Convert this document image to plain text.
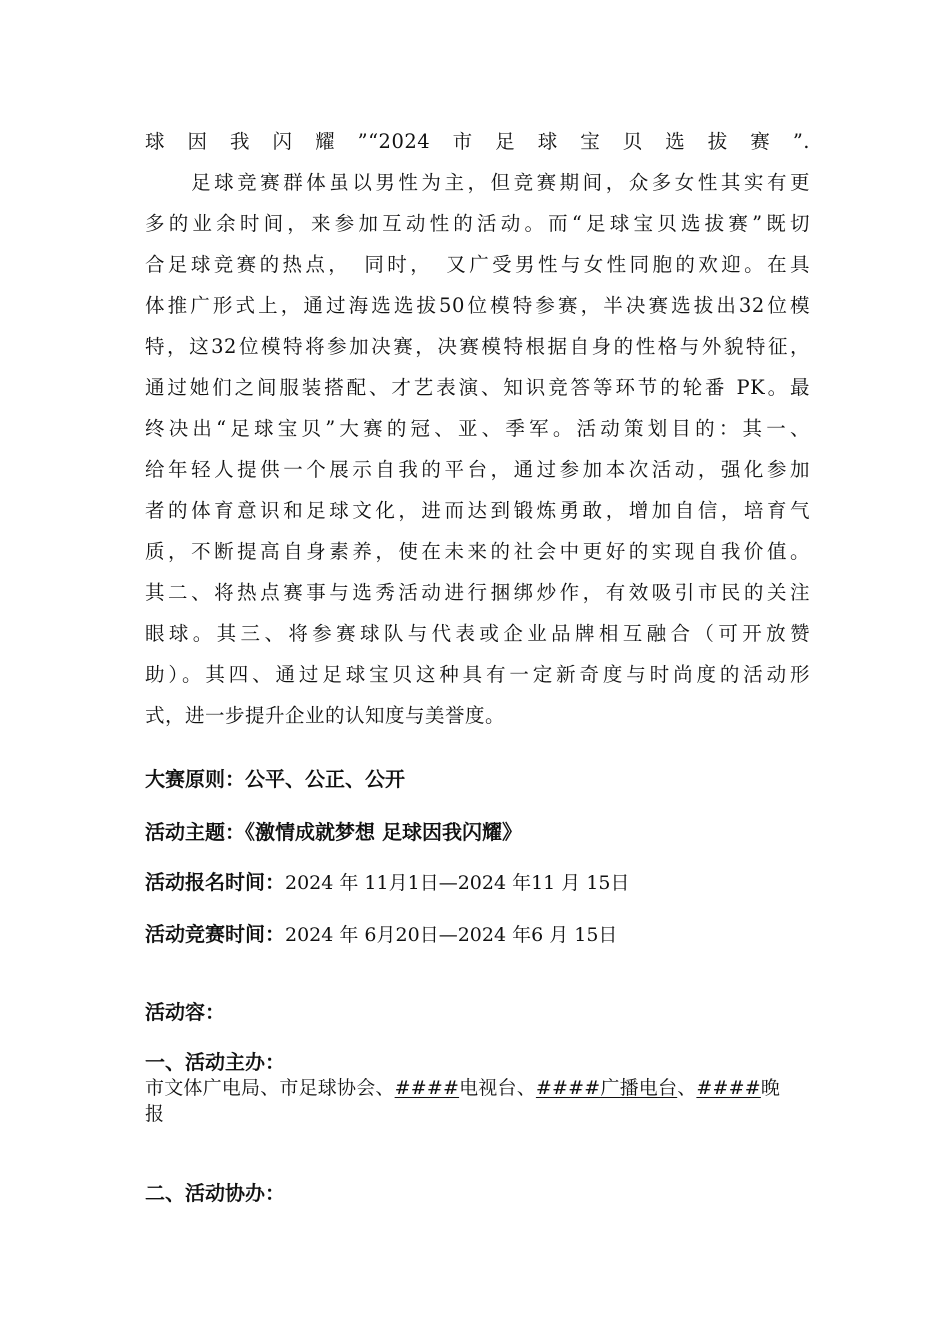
球因我闪耀”“2024市足球宝贝选拔赛”.
　　足球竞赛群体虽以男性为主，但竞赛期间，众多女性其实有更
多的业余时间，来参加互动性的活动。而“足球宝贝选拔赛”既切
合足球竞赛的热点，　同时，　又广受男性与女性同胞的欢迎。在具
体推广形式上，通过海选选拔50位模特参赛，半决赛选拔出32位模
特，这32位模特将参加决赛，决赛模特根据自身的性格与外貌特征，
通过她们之间服装搭配、才艺表演、知识竞答等环节的轮番 PK。最
终决出“足球宝贝”大赛的冠、亚、季军。活动策划目的：其一、
给年轻人提供一个展示自我的平台，通过参加本次活动，强化参加
者的体育意识和足球文化，进而达到锻炼勇敢，增加自信，培育气
质，不断提高自身素养，使在未来的社会中更好的实现自我价值。
其二、将热点赛事与选秀活动进行捆绑炒作，有效吸引市民的关注
眼球。其三、将参赛球队与代表或企业品牌相互融合（可开放赞
助）。其四、通过足球宝贝这种具有一定新奇度与时尚度的活动形
式，进一步提升企业的认知度与美誉度。
大赛原则：公平、公正、公开
活动主题：《激情成就梦想 足球因我闪耀》
活动报名时间：2024 年 11月1日—2024 年11 月 15日
活动竞赛时间：2024 年 6月20日—2024 年6 月 15日
活动容：
一、活动主办：
市文体广电局、市足球协会、####电视台、####广播电台、####晚
报
二、活动协办：
